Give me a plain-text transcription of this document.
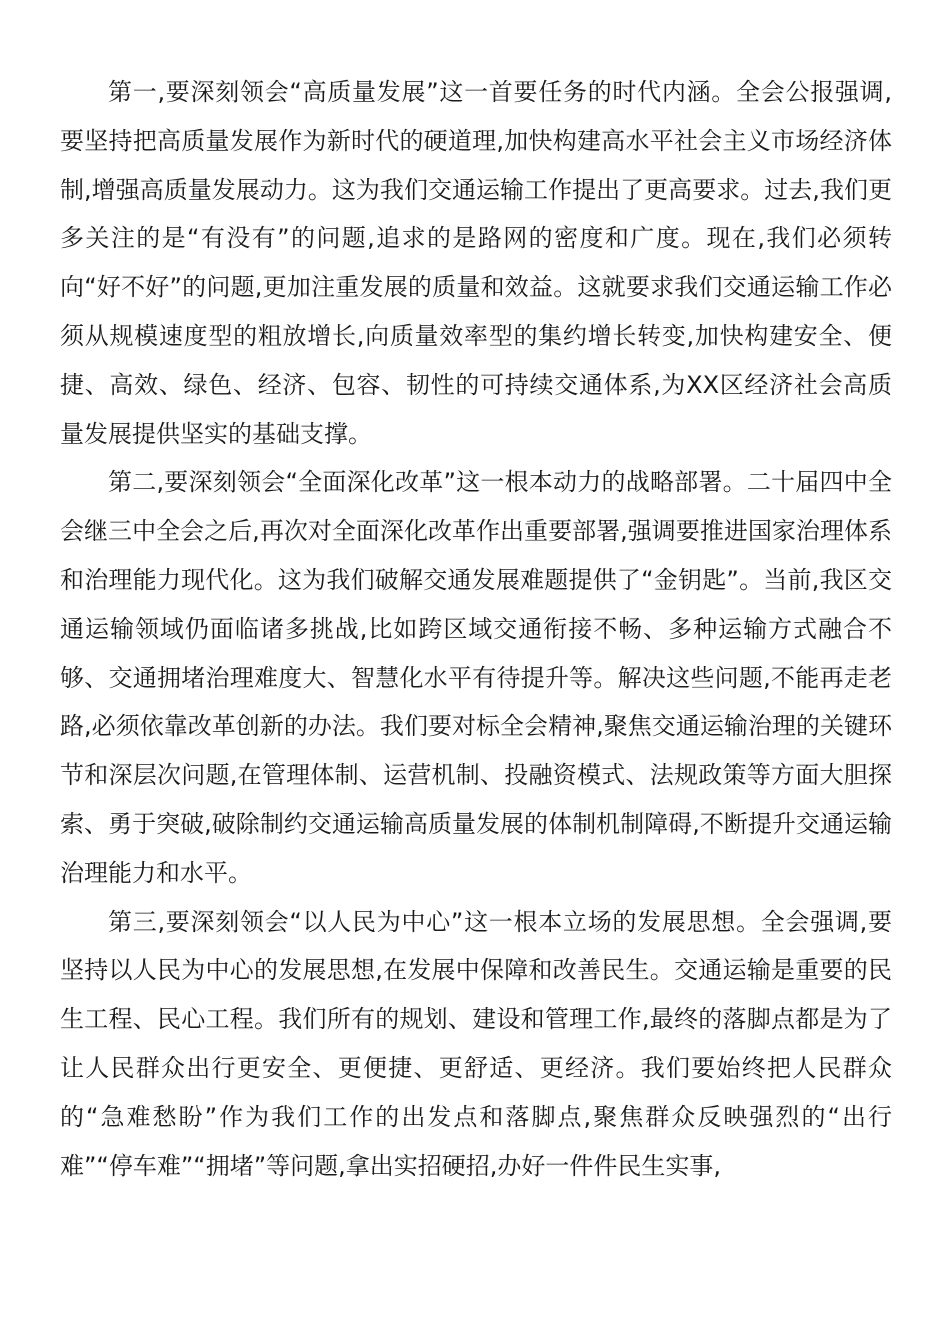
第一,要深刻领会“高质量发展”这一首要任务的时代内涵。全会公报强调,要坚持把高质量发展作为新时代的硬道理,加快构建高水平社会主义市场经济体制,增强高质量发展动力。这为我们交通运输工作提出了更高要求。过去,我们更多关注的是“有没有”的问题,追求的是路网的密度和广度。现在,我们必须转向“好不好”的问题,更加注重发展的质量和效益。这就要求我们交通运输工作必须从规模速度型的粗放增长,向质量效率型的集约增长转变,加快构建安全、便捷、高效、绿色、经济、包容、韧性的可持续交通体系,为XX区经济社会高质量发展提供坚实的基础支撑。

第二,要深刻领会“全面深化改革”这一根本动力的战略部署。二十届四中全会继三中全会之后,再次对全面深化改革作出重要部署,强调要推进国家治理体系和治理能力现代化。这为我们破解交通发展难题提供了“金钥匙”。当前,我区交通运输领域仍面临诸多挑战,比如跨区域交通衔接不畅、多种运输方式融合不够、交通拥堵治理难度大、智慧化水平有待提升等。解决这些问题,不能再走老路,必须依靠改革创新的办法。我们要对标全会精神,聚焦交通运输治理的关键环节和深层次问题,在管理体制、运营机制、投融资模式、法规政策等方面大胆探索、勇于突破,破除制约交通运输高质量发展的体制机制障碍,不断提升交通运输治理能力和水平。

第三,要深刻领会“以人民为中心”这一根本立场的发展思想。全会强调,要坚持以人民为中心的发展思想,在发展中保障和改善民生。交通运输是重要的民生工程、民心工程。我们所有的规划、建设和管理工作,最终的落脚点都是为了让人民群众出行更安全、更便捷、更舒适、更经济。我们要始终把人民群众的“急难愁盼”作为我们工作的出发点和落脚点,聚焦群众反映强烈的“出行难”“停车难”“拥堵”等问题,拿出实招硬招,办好一件件民生实事,
